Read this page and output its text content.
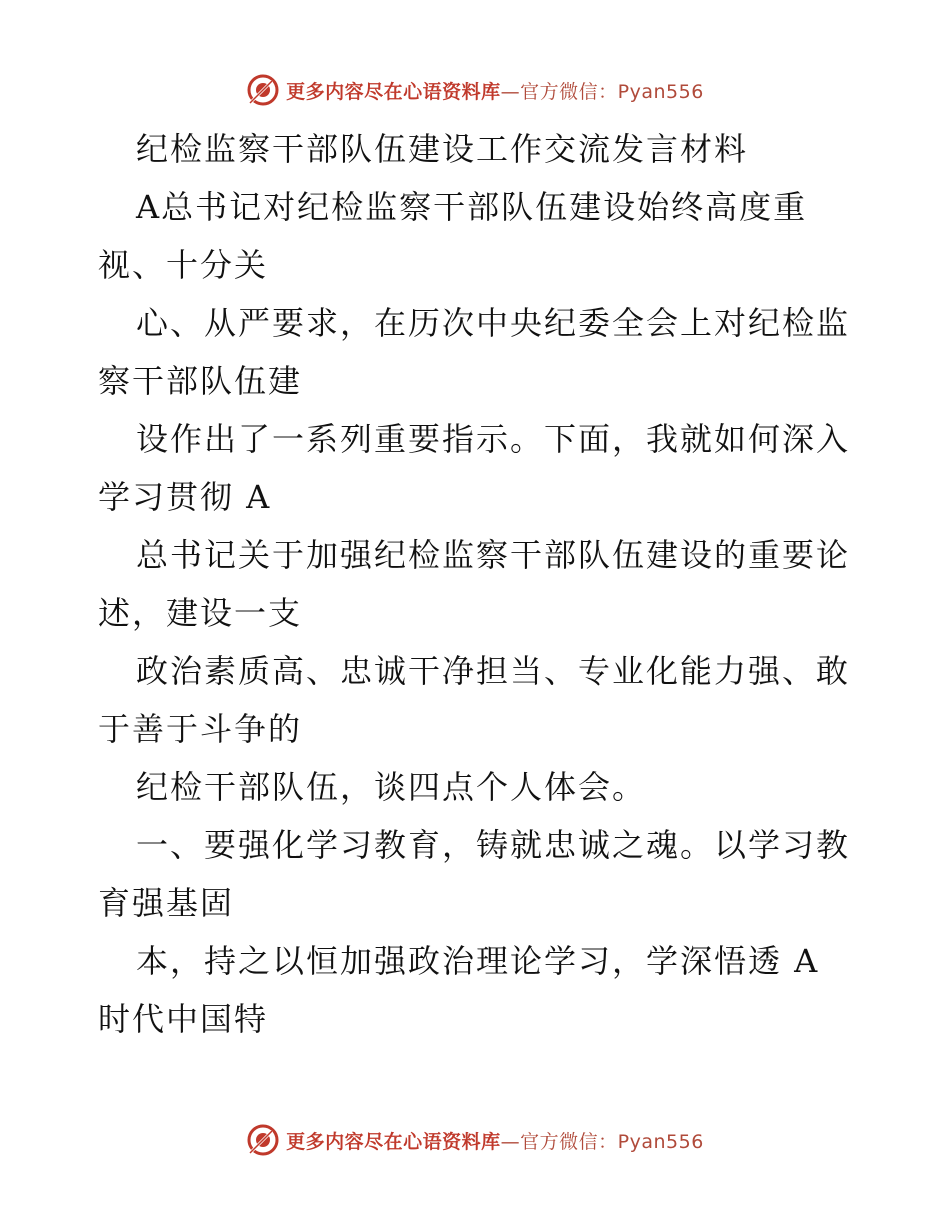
更多内容尽在心语资料库—官方微信：Pyan556
纪检监察干部队伍建设工作交流发言材料
A总书记对纪检监察干部队伍建设始终高度重
视、十分关
心、从严要求，在历次中央纪委全会上对纪检监
察干部队伍建
设作出了一系列重要指示。下面，我就如何深入
学习贯彻 A
总书记关于加强纪检监察干部队伍建设的重要论
述，建设一支
政治素质高、忠诚干净担当、专业化能力强、敢
于善于斗争的
纪检干部队伍，谈四点个人体会。
一、要强化学习教育，铸就忠诚之魂。以学习教
育强基固
本，持之以恒加强政治理论学习，学深悟透 A
时代中国特
更多内容尽在心语资料库—官方微信：Pyan556
